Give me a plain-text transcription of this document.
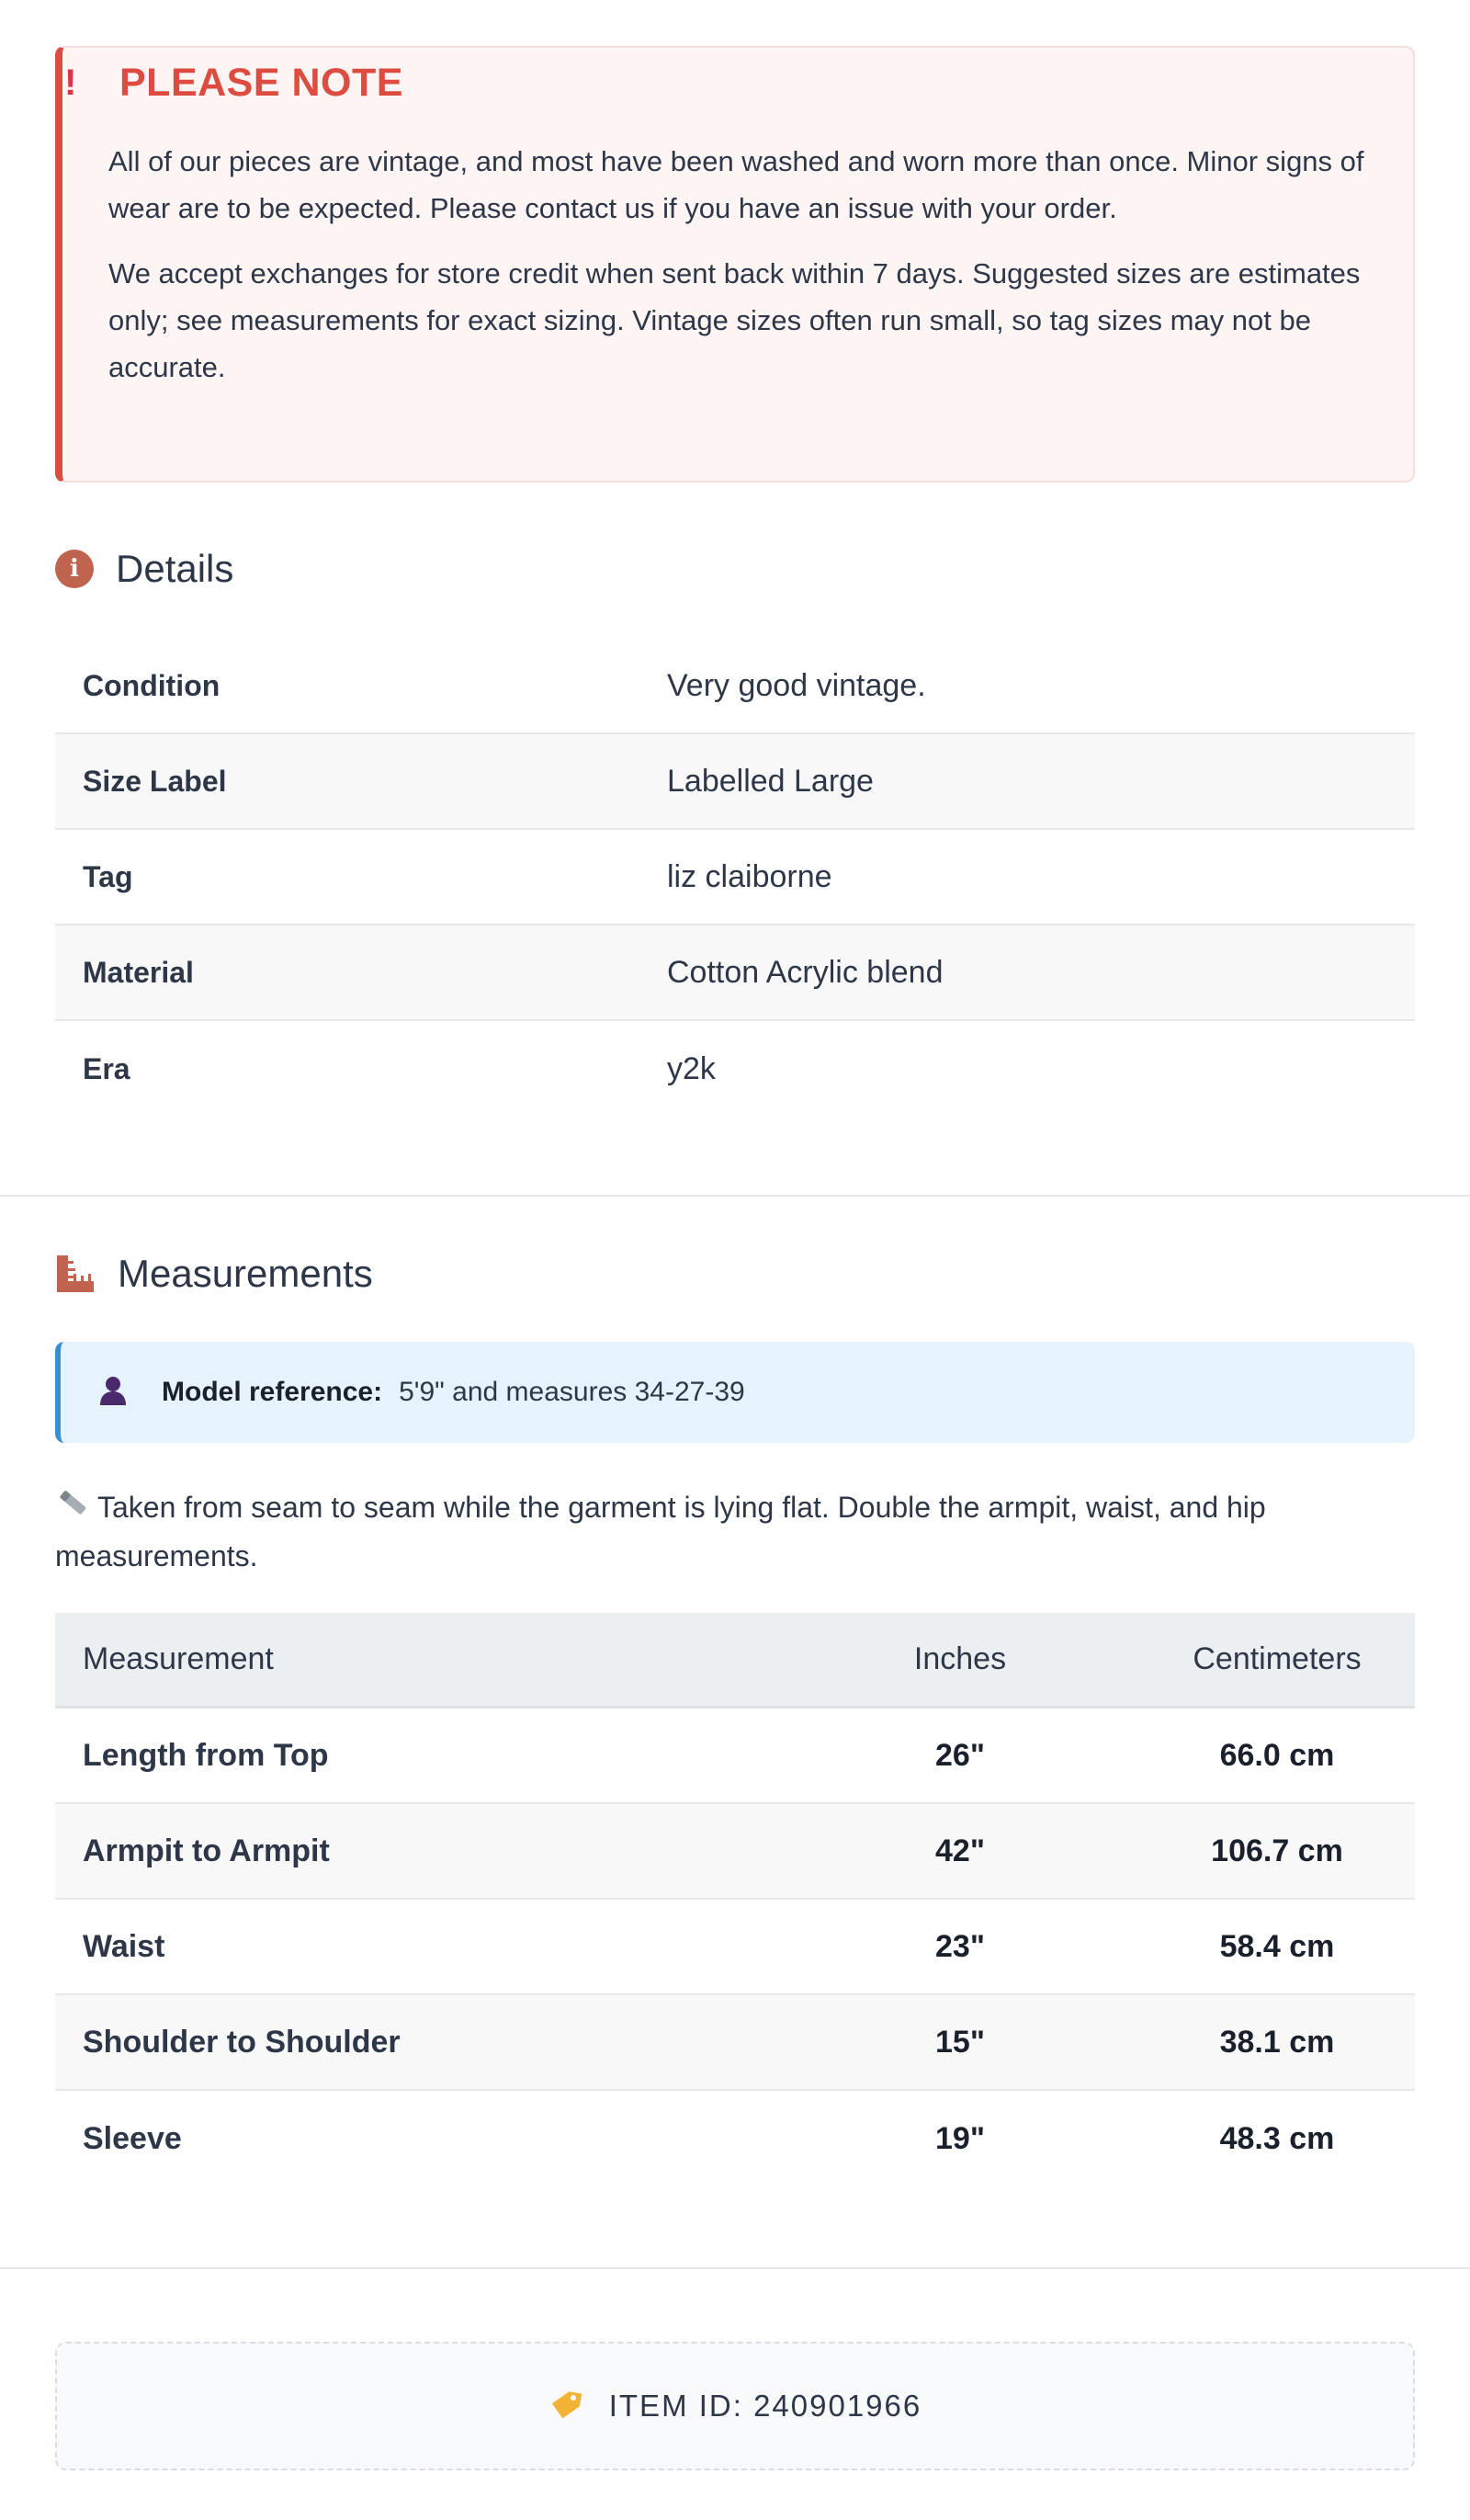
!	PLEASE NOTE

All of our pieces are vintage, and most have been washed and worn more than once. Minor signs of wear are to be expected. Please contact us if you have an issue with your order.

We accept exchanges for store credit when sent back within 7 days. Suggested sizes are estimates only; see measurements for exact sizing. Vintage sizes often run small, so tag sizes may not be accurate.

i Details
Condition	Very good vintage.
Size Label	Labelled Large
Tag	liz claiborne
Material	Cotton Acrylic blend
Era	y2k
Measurements
Model reference: 5'9" and measures 34-27-39
Taken from seam to seam while the garment is lying flat. Double the armpit, waist, and hip measurements.
Measurement	Inches	Centimeters
Length from Top	26"	66.0 cm
Armpit to Armpit	42"	106.7 cm
Waist	23"	58.4 cm
Shoulder to Shoulder	15"	38.1 cm
Sleeve	19"	48.3 cm
ITEM ID: 240901966
